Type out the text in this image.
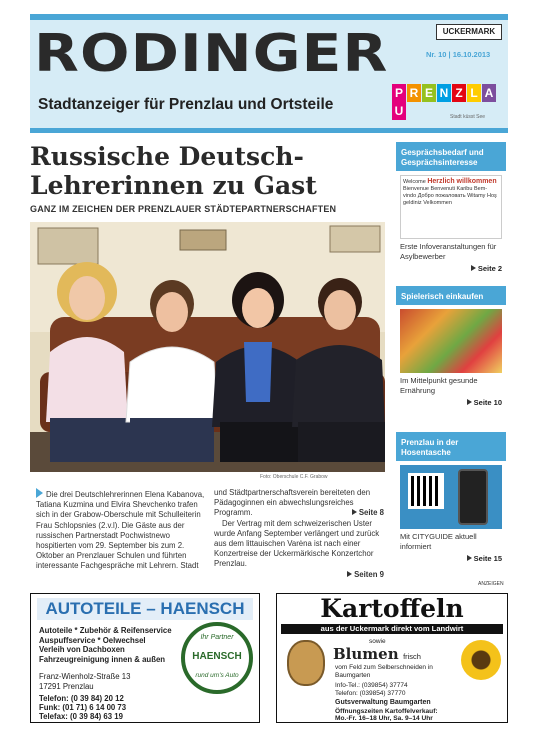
RODINGER
Stadtanzeiger für Prenzlau und Ortsteile
UCKERMARK
Nr. 10 | 16.10.2013
P R E N Z L AU	Stadt küsst See
Russische Deutsch-Lehrerinnen zu Gast
GANZ IM ZEICHEN DER PRENZLAUER STÄDTEPARTNERSCHAFTEN
Foto: Oberschule C.F. Grabow
Die drei Deutschlehrerinnen Elena Kabanova, Tatiana Kuzmina und Elvira Shevchenko trafen sich in der Grabow-Oberschule mit Schulleiterin Frau Schlopsnies (2.v.l). Die Gäste aus der russischen Partnerstadt Pochwistnewo hospitierten vom 29. September bis zum 2. Oktober an Prenzlauer Schulen und führten interessante Fachgespräche mit Lehrern. Stadt
und Städtpartnerschaftsverein bereiteten den Pädagoginnen ein abwechslungsreiches Programm.	Seite 8
Der Vertrag mit dem schweizerischen Uster wurde Anfang September verlängert und zurück aus dem littauischen Varėna ist nach einer Konzertreise der Uckermärkische Konzertchor Prenzlau.
Seiten 9
Gesprächsbedarf und Gesprächsinteresse
Welcome Herzlich willkommen Bienvenue Benvenuti Karibu Bem-vindo Добро пожаловать Witamy Hoş geldiniz Velkommen
Erste Infoveranstaltungen für Asylbewerber
Seite 2
Spielerisch einkaufen
Im Mittelpunkt gesunde Ernährung
Seite 10
Prenzlau in der Hosentasche
Mit CITYGUIDE aktuell informiert
Seite 15
ANZEIGEN
AUTOTEILE – HAENSCH
Autoteile * Zubehör & Reifenservice
Auspuffservice * Oelwechsel
Verleih von Dachboxen
Fahrzeugreinigung innen & außen
Franz-Wienholz-Straße 13
17291 Prenzlau
Telefon: (0 39 84) 20 12
Funk: (01 71) 6 14 00 73
Telefax: (0 39 84) 63 19
Ihr Partner
HAENSCH
rund um's Auto
Kartoffeln
aus der Uckermark direkt vom Landwirt
sowie
Blumen frisch
vom Feld zum Selberschneiden in Baumgarten
Info-Tel.: (039854) 37774
Telefon: (039854) 37770
Gutsverwaltung Baumgarten
Öffnungszeiten Kartoffelverkauf:
Mo.-Fr. 16–18 Uhr, Sa. 9–14 Uhr
